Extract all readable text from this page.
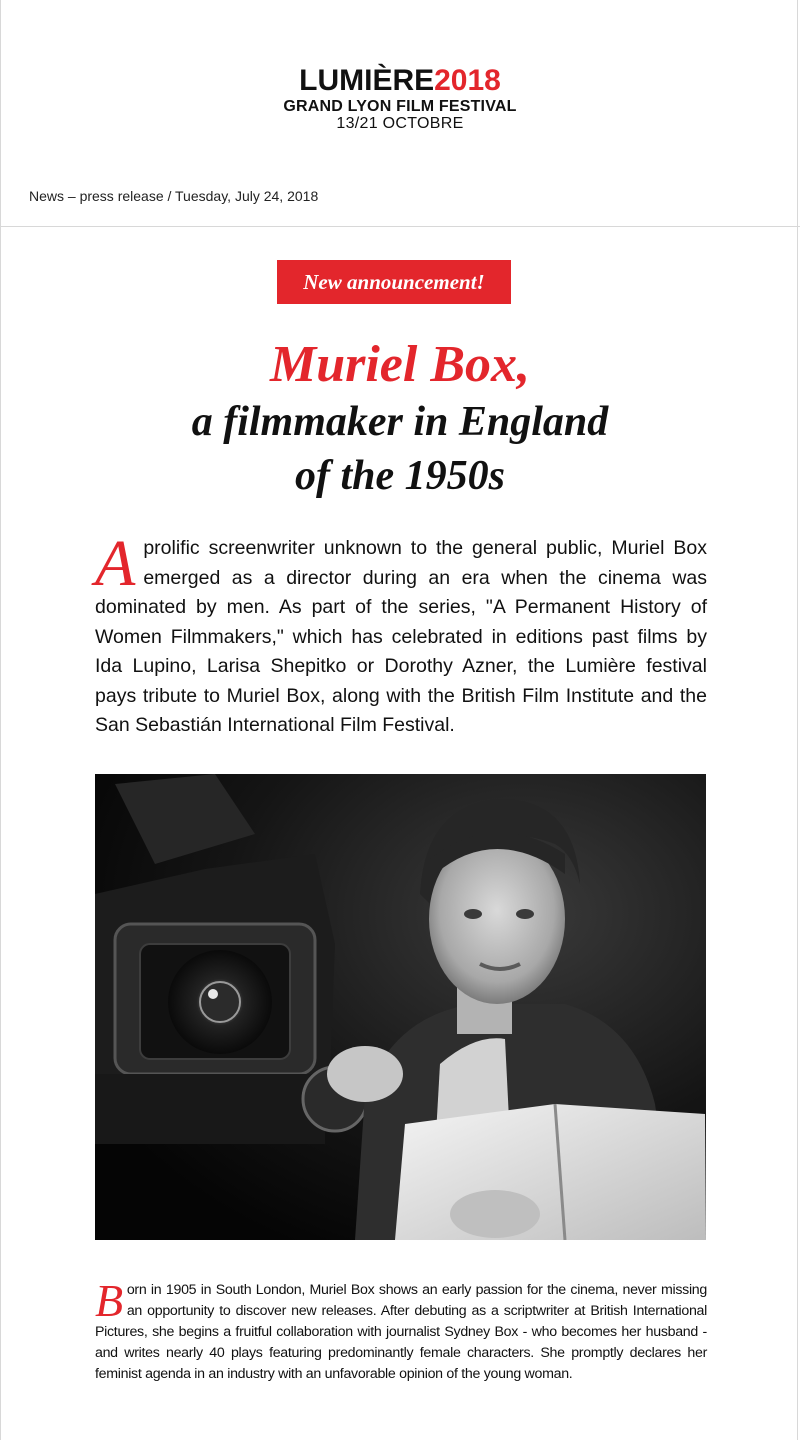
LUMIÈRE2018
GRAND LYON FILM FESTIVAL
13/21 OCTOBRE
News – press release / Tuesday, July 24, 2018
New announcement!
Muriel Box,
a filmmaker in England
of the 1950s
Aprolific screenwriter unknown to the general public, Muriel Box emerged as a director during an era when the cinema was dominated by men. As part of the series, "A Permanent History of Women Filmmakers," which has celebrated in editions past films by Ida Lupino, Larisa Shepitko or Dorothy Azner, the Lumière festival pays tribute to Muriel Box, along with the British Film Institute and the San Sebastián International Film Festival.
Born in 1905 in South London, Muriel Box shows an early passion for the cinema, never missing an opportunity to discover new releases. After debuting as a scriptwriter at British International Pictures, she begins a fruitful collaboration with journalist Sydney Box - who becomes her husband - and writes nearly 40 plays featuring predominantly female characters. She promptly declares her feminist agenda in an industry with an unfavorable opinion of the young woman.
